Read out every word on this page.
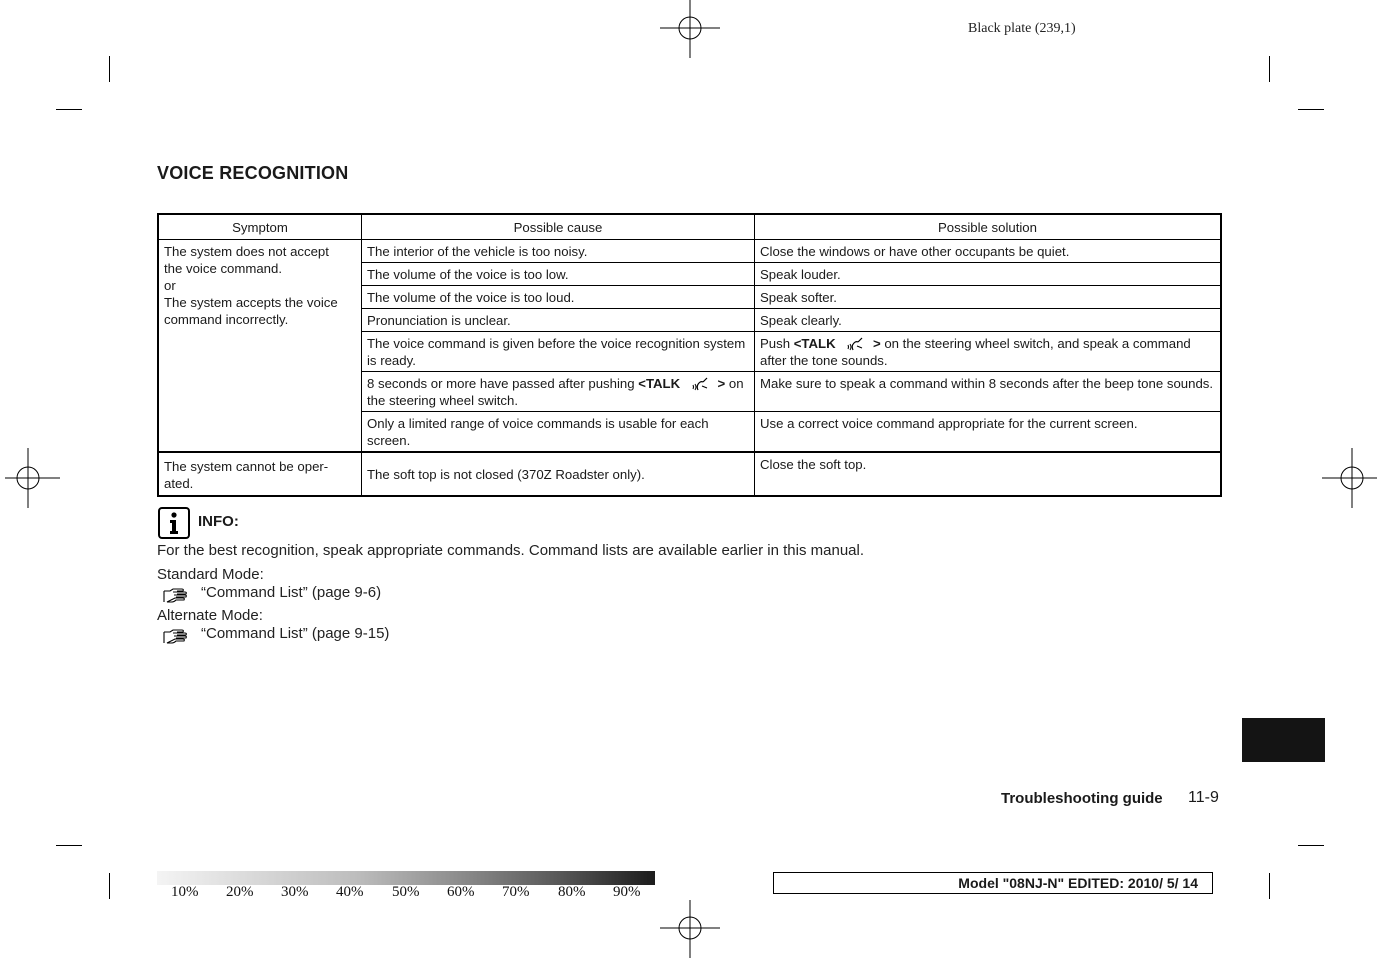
Black plate (239,1)
VOICE RECOGNITION
Symptom	Possible cause	Possible solution

The system does not accept
the voice command.
or
The system accepts the voice
command incorrectly.	The interior of the vehicle is too noisy.	Close the windows or have other occupants be quiet.
	The volume of the voice is too low.	Speak louder.
	The volume of the voice is too loud.	Speak softer.
	Pronunciation is unclear.	Speak clearly.
	The voice command is given before the voice recognition system is ready.	Push <TALK > on the steering wheel switch, and speak a command after the tone sounds.
	8 seconds or more have passed after pushing <TALK > on the steering wheel switch.	Make sure to speak a command within 8 seconds after the beep tone sounds.
	Only a limited range of voice commands is usable for each screen.	Use a correct voice command appropriate for the current screen.
The system cannot be oper- ated.	The soft top is not closed (370Z Roadster only).	Close the soft top.
INFO:
For the best recognition, speak appropriate commands. Command lists are available earlier in this manual.
Standard Mode:
“Command List” (page 9-6)
Alternate Mode:
“Command List” (page 9-15)
Troubleshooting guide 11-9
10% 20% 30% 40% 50% 60% 70% 80% 90%
Model "08NJ-N" EDITED: 2010/ 5/ 14
